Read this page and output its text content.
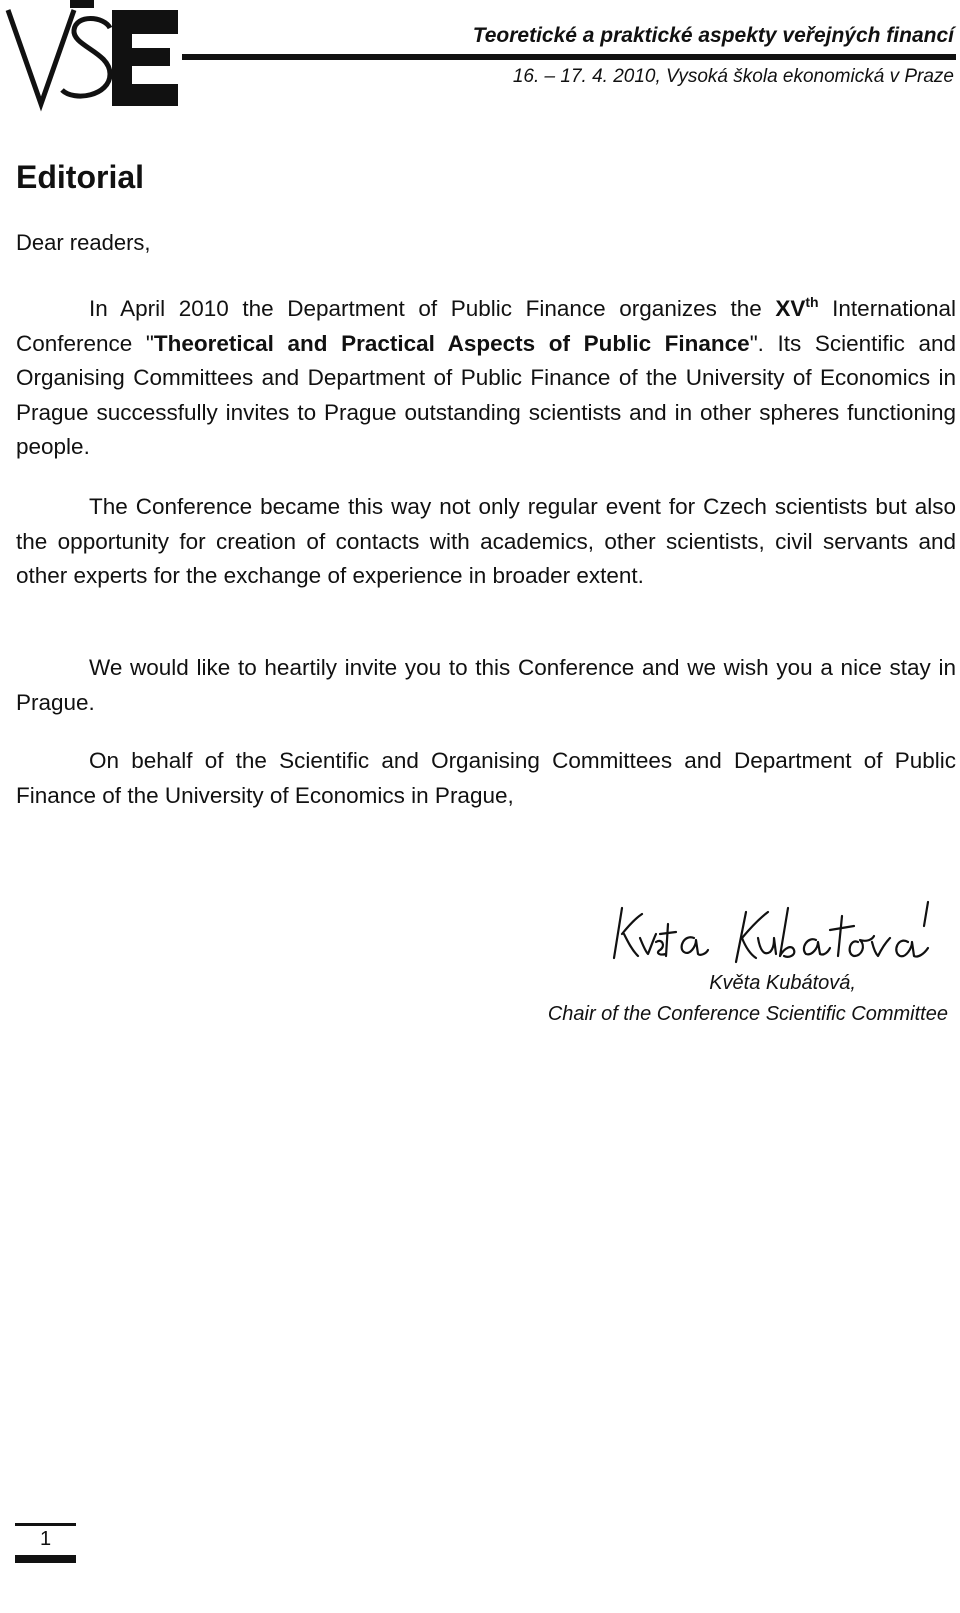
Teoretické a praktické aspekty veřejných financí
16. – 17. 4. 2010, Vysoká škola ekonomická v Praze
Editorial
Dear readers,

In April 2010 the Department of Public Finance organizes the XVth International Conference "Theoretical and Practical Aspects of Public Finance". Its Scientific and Organising Committees and Department of Public Finance of the University of Economics in Prague successfully invites to Prague outstanding scientists and in other spheres functioning people.

The Conference became this way not only regular event for Czech scientists but also the opportunity for creation of contacts with academics, other scientists, civil servants and other experts for the exchange of experience in broader extent.

We would like to heartily invite you to this Conference and we wish you a nice stay in Prague.

On behalf of the Scientific and Organising Committees and Department of Public Finance of the University of Economics in Prague,

Květa Kubátová,
Chair of the Conference Scientific Committee
1
